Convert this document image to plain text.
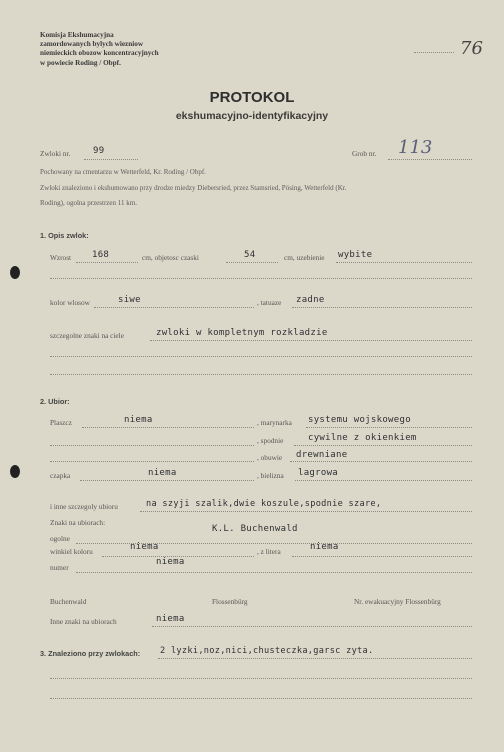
Komisja Ekshumacyjna
zamordowanych bylych wiezniow
niemieckich obozow koncentracyjnych
w powiecie Roding / Obpf.
76
PROTOKOL
ekshumacyjno-identyfikacyjny
Zwloki nr.	99	Grob nr. 113
Pochowany na cmentarzu w Wetterfeld, Kr. Roding / Obpf.
Zwloki znaleziono i ekshumowano przy drodze miedzy Diebersried, przez Stamsried, Pösing, Wetterfeld (Kr.
Roding), ogolna przestrzen 11 km.
1. Opis zwlok:
Wzrost 168	cm, objetosc czaski	54	cm, uzebienie wybite
kolor wlosow	siwe	, tatuaze zadne
szczegolne znaki na ciele	zwloki w kompletnym rozkladzie
2. Ubior:
Plaszcz	niema	, marynarka systemu wojskowego
, spodnie	cywilne z okienkiem
, obuwie drewniane
czapka	niema	, bielizna lagrowa
i inne szczegoly ubioru	na szyji szalik,dwie koszule,spodnie szare,
Znaki na ubiorach:
ogolne
K.L. Buchenwald
winkiel koloru	niema	, z litera	niema
numer
niema
Buchenwald	Flossenbürg	Nr. ewakuacyjny Flossenbürg
Inne znaki na ubiorach	niema
3. Znaleziono przy zwlokach: 2 lyzki,noz,nici,chusteczka,garsc zyta.
